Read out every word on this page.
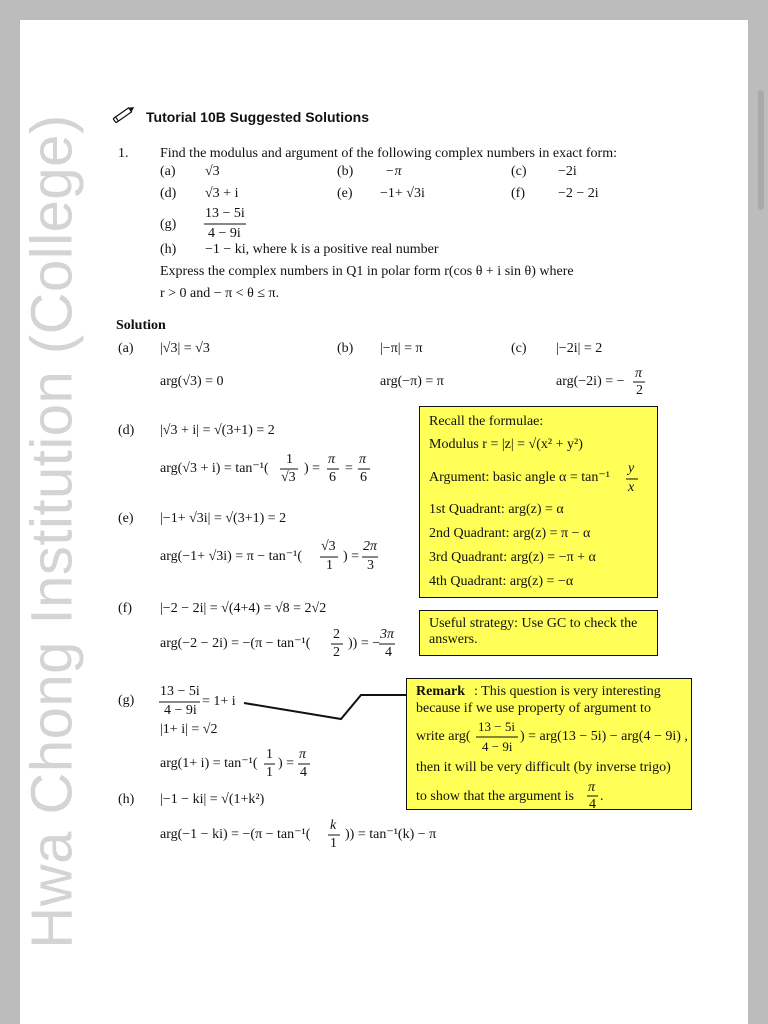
Hwa Chong Institution (College)	Tutorial 10B Suggested Solutions
1. Find the modulus and argument of the following complex numbers in exact form:
(a) √3	(b) −π	(c) −2i
(d) √3 + i	(e) −1+ √3i	(f) −2 − 2i
(g)
13 − 5i
4 − 9i
(h) −1 − ki, where k is a positive real number
Express the complex numbers in Q1 in polar form r(cos θ + i sin θ) where
r > 0 and − π < θ ≤ π.
Solution
(a) |√3| = √3
arg(√3) = 0
(b) |−π| = π
arg(−π) = π
(c) |−2i| = 2
arg(−2i) = −
π
2
(d) |√3 + i| = √(3+1) = 2
arg(√3 + i) = tan⁻¹(
1
√3
) =
π
6
=
π
6
(e) |−1+ √3i| = √(3+1) = 2
arg(−1+ √3i) = π − tan⁻¹(
√3
1
) =
2π
3
(f) |−2 − 2i| = √(4+4) = √8 = 2√2
arg(−2 − 2i) = −(π − tan⁻¹(
2
2
)) = −
3π
4
(g)
13 − 5i
4 − 9i
= 1+ i
|1+ i| = √2
arg(1+ i) = tan⁻¹(
1
1
) =
π
4
(h) |−1 − ki| = √(1+k²)
arg(−1 − ki) = −(π − tan⁻¹(
k
1
)) = tan⁻¹(k) − π
Recall the formulae:
Modulus r = |z| = √(x² + y²)
Argument: basic angle α = tan⁻¹
y
x
1st Quadrant: arg(z) = α
2nd Quadrant: arg(z) = π − α
3rd Quadrant: arg(z) = −π + α
4th Quadrant: arg(z) = −α
Useful strategy: Use GC to check the
answers.
Remark : This question is very interesting
because if we use property of argument to
write arg(
13 − 5i
4 − 9i
) = arg(13 − 5i) − arg(4 − 9i) ,
then it will be very difficult (by inverse trigo)
to show that the argument is
π
4
.
